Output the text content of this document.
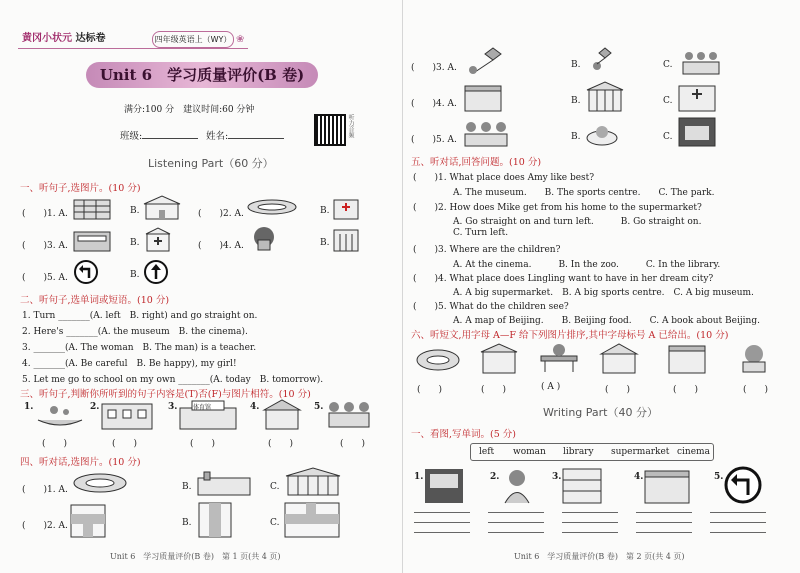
黄冈小状元 达标卷	四年级英语上（WY） ❀
Unit 6　学习质量评价(B 卷)
满分:100 分　建议时间:60 分钟
班级:	姓名:	听力音频
Listening Part（60 分）
一、听句子,选图片。(10 分)
(　　)1. A.	B.	(　　)2. A.	B.
(　　)3. A.	B.	(　　)4. A.	B.
(　　)5. A.	B.
二、听句子,选单词或短语。(10 分)
1. Turn _______(A. left　B. right) and go straight on.
2. Here's _______(A. the museum　B. the cinema).
3. _______(A. The woman　B. The man) is a teacher.
4. _______(A. Be careful　B. Be happy), my girl!
5. Let me go to school on my own _______(A. today　B. tomorrow).
三、听句子,判断你所听到的句子内容是(T)否(F)与图片相符。(10 分)
1.	2.	3.	体育馆	4.	5.
(　　)	(　　)	(　　)	(　　)	(　　)
四、听对话,选图片。(10 分)
(　　)1. A.	B.	C.
(　　)2. A.	B.	C.
Unit 6　学习质量评价(B 卷)　第 1 页(共 4 页)
(　　)3. A.	B.	C.
(　　)4. A.	B.	C.
(　　)5. A.	B.	C.
五、听对话,回答问题。(10 分)
(　　)1. What place does Amy like best?
A. The museum.　　B. The sports centre.　　C. The park.
(　　)2. How does Mike get from his home to the supermarket?
A. Go straight on and turn left.　　　B. Go straight on.
C. Turn left.
(　　)3. Where are the children?
A. At the cinema.　　　B. In the zoo.　　　C. In the library.
(　　)4. What place does Lingling want to have in her dream city?
A. A big supermarket.　B. A big sports centre.　C. A big museum.
(　　)5. What do the children see?
A. A map of Beijing.　　B. Beijing food.　　C. A book about Beijing.
六、听短文,用字母 A—F 给下列图片排序,其中字母标号 A 已给出。(10 分)
(　　)	(　　)	( A )	(　　)	(　　)	(　　)
Writing Part（40 分）
一、看图,写单词。(5 分)
left woman library supermarket cinema
1.	2.	3.	4.	5.
Unit 6　学习质量评价(B 卷)　第 2 页(共 4 页)
